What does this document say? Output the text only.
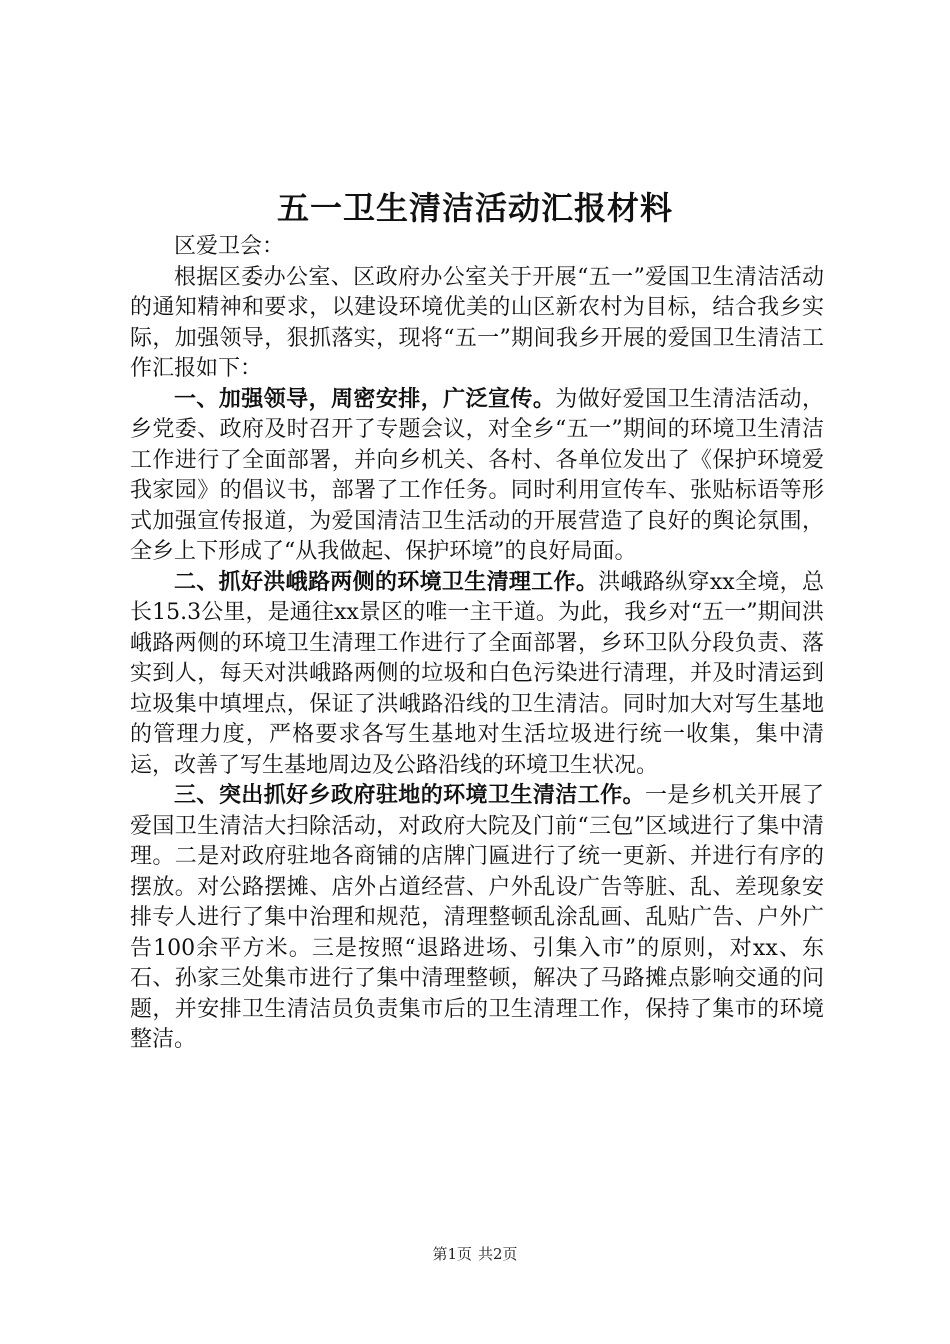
五一卫生清洁活动汇报材料

区爱卫会：

根据区委办公室、区政府办公室关于开展“五一”爱国卫生清洁活动的通知精神和要求，以建设环境优美的山区新农村为目标，结合我乡实际，加强领导，狠抓落实，现将“五一”期间我乡开展的爱国卫生清洁工作汇报如下：

一、加强领导，周密安排，广泛宣传。为做好爱国卫生清洁活动，乡党委、政府及时召开了专题会议，对全乡“五一”期间的环境卫生清洁工作进行了全面部署，并向乡机关、各村、各单位发出了《保护环境爱我家园》的倡议书，部署了工作任务。同时利用宣传车、张贴标语等形式加强宣传报道，为爱国清洁卫生活动的开展营造了良好的舆论氛围，全乡上下形成了“从我做起、保护环境”的良好局面。

二、抓好洪峨路两侧的环境卫生清理工作。洪峨路纵穿xx全境，总长15.3公里，是通往xx景区的唯一主干道。为此，我乡对“五一”期间洪峨路两侧的环境卫生清理工作进行了全面部署，乡环卫队分段负责、落实到人，每天对洪峨路两侧的垃圾和白色污染进行清理，并及时清运到垃圾集中填埋点，保证了洪峨路沿线的卫生清洁。同时加大对写生基地的管理力度，严格要求各写生基地对生活垃圾进行统一收集，集中清运，改善了写生基地周边及公路沿线的环境卫生状况。

三、突出抓好乡政府驻地的环境卫生清洁工作。一是乡机关开展了爱国卫生清洁大扫除活动，对政府大院及门前“三包”区域进行了集中清理。二是对政府驻地各商铺的店牌门匾进行了统一更新、并进行有序的摆放。对公路摆摊、店外占道经营、户外乱设广告等脏、乱、差现象安排专人进行了集中治理和规范，清理整顿乱涂乱画、乱贴广告、户外广告100余平方米。三是按照“退路进场、引集入市”的原则，对xx、东石、孙家三处集市进行了集中清理整顿，解决了马路摊点影响交通的问题，并安排卫生清洁员负责集市后的卫生清理工作，保持了集市的环境整洁。

第1页 共2页
